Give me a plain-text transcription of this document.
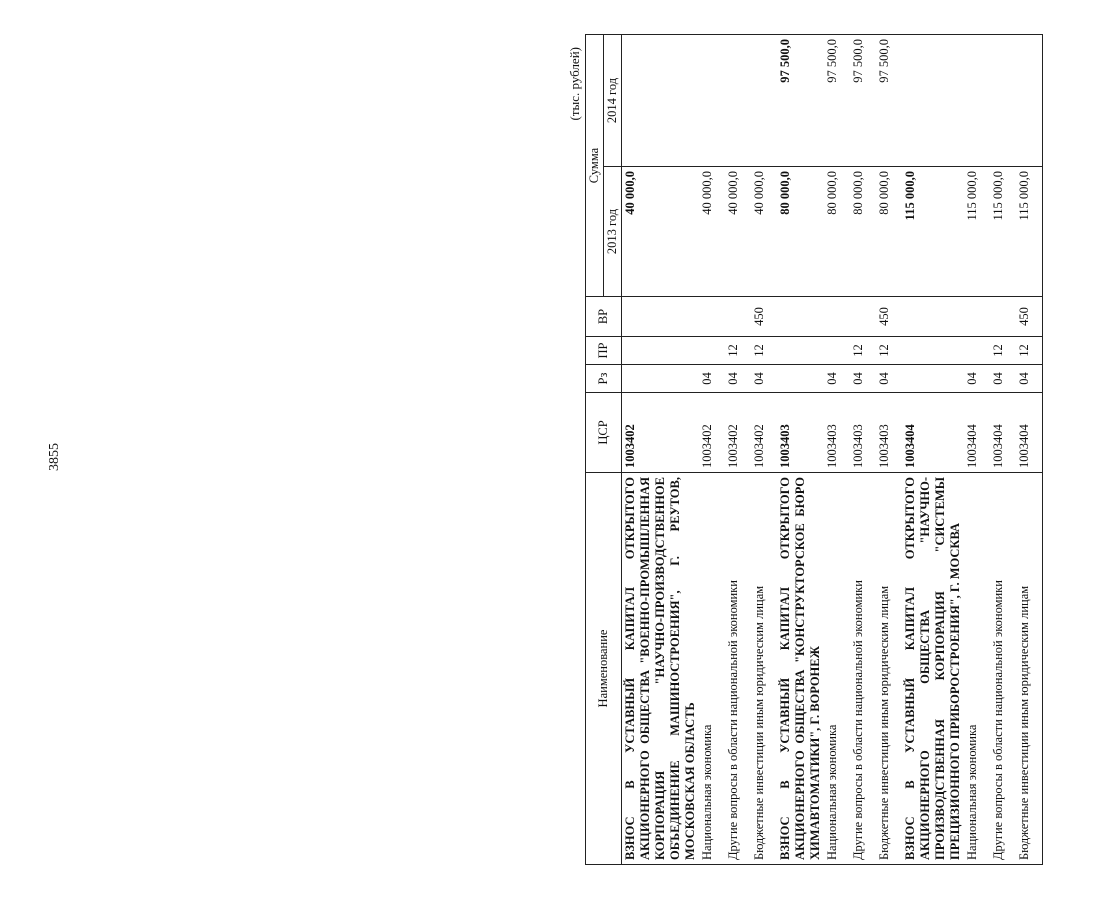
3855
(тыс. рублей)
Наименование	ЦСР	Рз	ПР	ВР	Сумма	
					2013 год	2014 год
ВЗНОС В УСТАВНЫЙ КАПИТАЛ ОТКРЫТОГО АКЦИОНЕРНОГО ОБЩЕСТВА "ВОЕННО-ПРОМЫШЛЕННАЯ КОРПОРАЦИЯ "НАУЧНО-ПРОИЗВОДСТВЕННОЕ ОБЪЕДИНЕНИЕ МАШИНОСТРОЕНИЯ", Г. РЕУТОВ, МОСКОВСКАЯ ОБЛАСТЬ	1003402				40 000,0	
Национальная экономика	1003402	04			40 000,0	
Другие вопросы в области национальной экономики	1003402	04	12		40 000,0	
Бюджетные инвестиции иным юридическим лицам	1003402	04	12	450	40 000,0	
ВЗНОС В УСТАВНЫЙ КАПИТАЛ ОТКРЫТОГО АКЦИОНЕРНОГО ОБЩЕСТВА "КОНСТРУКТОРСКОЕ БЮРО ХИМАВТОМАТИКИ", Г. ВОРОНЕЖ	1003403				80 000,0	97 500,0
Национальная экономика	1003403	04			80 000,0	97 500,0
Другие вопросы в области национальной экономики	1003403	04	12		80 000,0	97 500,0
Бюджетные инвестиции иным юридическим лицам	1003403	04	12	450	80 000,0	97 500,0
ВЗНОС В УСТАВНЫЙ КАПИТАЛ ОТКРЫТОГО АКЦИОНЕРНОГО ОБЩЕСТВА "НАУЧНО-ПРОИЗВОДСТВЕННАЯ КОРПОРАЦИЯ "СИСТЕМЫ ПРЕЦИЗИОННОГО ПРИБОРОСТРОЕНИЯ", Г. МОСКВА	1003404				115 000,0	
Национальная экономика	1003404	04			115 000,0	
Другие вопросы в области национальной экономики	1003404	04	12		115 000,0	
Бюджетные инвестиции иным юридическим лицам	1003404	04	12	450	115 000,0	
